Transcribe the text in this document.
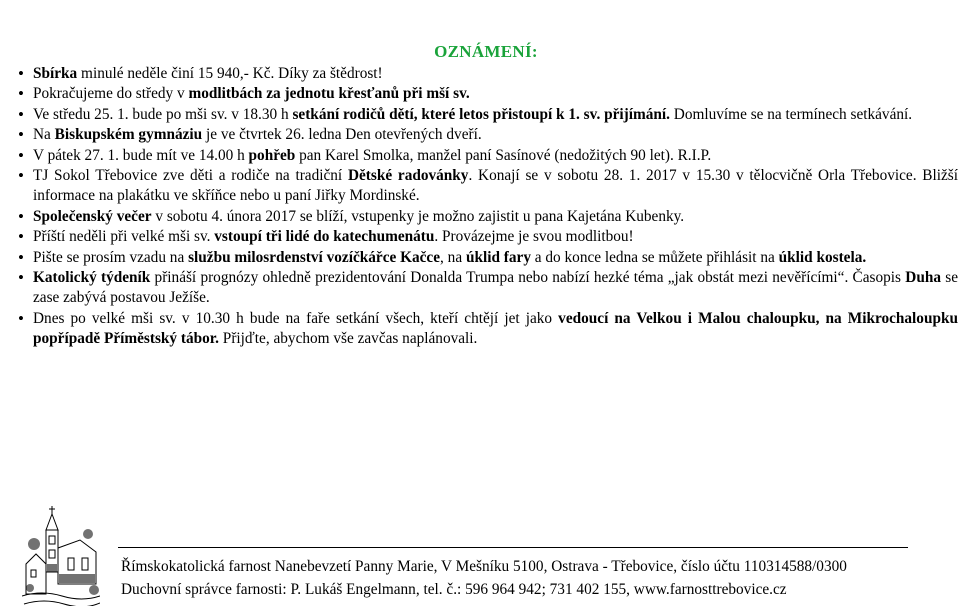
OZNÁMENÍ:
• Sbírka minulé neděle činí 15 940,- Kč. Díky za štědrost!
• Pokračujeme do středy v modlitbách za jednotu křesťanů při mší sv.
• Ve středu 25. 1. bude po mši sv. v 18.30 h setkání rodičů dětí, které letos přistoupí k 1. sv. přijímání. Domluvíme se na termínech setkávání.
• Na Biskupském gymnáziu je ve čtvrtek 26. ledna Den otevřených dveří.
• V pátek 27. 1. bude mít ve 14.00 h pohřeb pan Karel Smolka, manžel paní Sasínové (nedožitých 90 let). R.I.P.
• TJ Sokol Třebovice zve děti a rodiče na tradiční Dětské radovánky. Konají se v sobotu 28. 1. 2017 v 15.30 v tělocvičně Orla Třebovice. Bližší informace na plakátku ve skříňce nebo u paní Jiřky Mordinské.
• Společenský večer v sobotu 4. února 2017 se blíží, vstupenky je možno zajistit u pana Kajetána Kubenky.
• Příští neděli při velké mši sv. vstoupí tři lidé do katechumenátu. Provázejme je svou modlitbou!
• Pište se prosím vzadu na službu milosrdenství vozíčkářce Kačce, na úklid fary a do konce ledna se můžete přihlásit na úklid kostela.
• Katolický týdeník přináší prognózy ohledně prezidentování Donalda Trumpa nebo nabízí hezké téma „jak obstát mezi nevěřícími“. Časopis Duha se zase zabývá postavou Ježíše.
• Dnes po velké mši sv. v 10.30 h bude na faře setkání všech, kteří chtějí jet jako vedoucí na Velkou i Malou chaloupku, na Mikrochaloupku popřípadě Příměstský tábor. Přijďte, abychom vše zavčas naplánovali.
Římskokatolická farnost Nanebevzetí Panny Marie, V Mešníku 5100, Ostrava - Třebovice, číslo účtu 110314588/0300
Duchovní správce farnosti: P. Lukáš Engelmann, tel. č.: 596 964 942; 731 402 155, www.farnosttrebovice.cz
